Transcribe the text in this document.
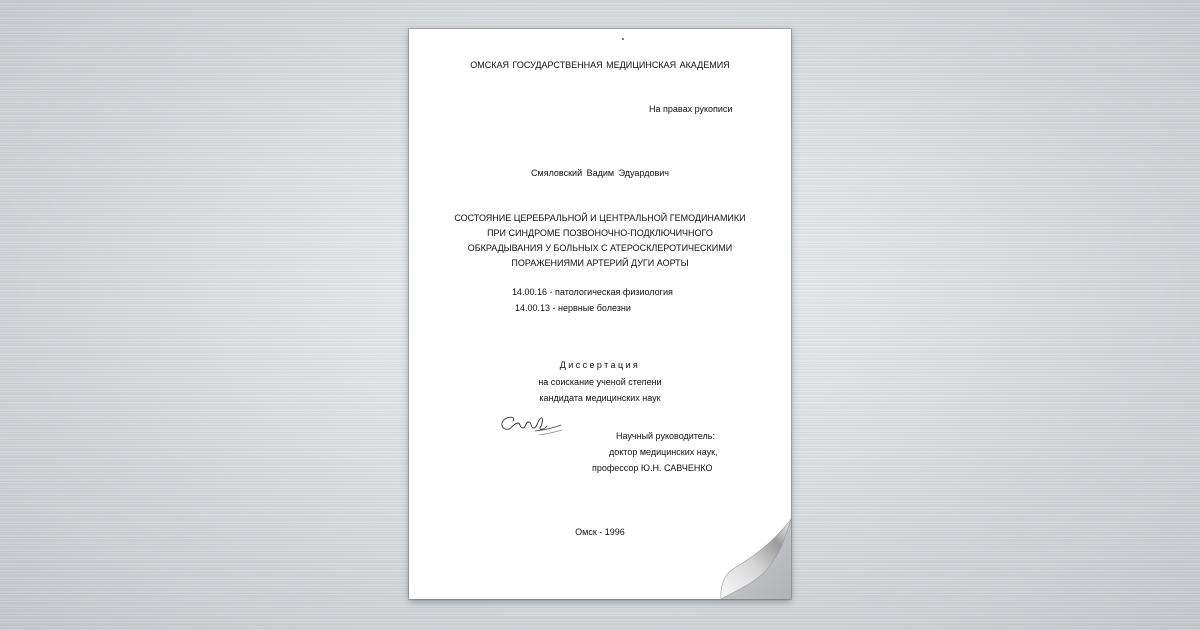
ОМСКАЯ ГОСУДАРСТВЕННАЯ МЕДИЦИНСКАЯ АКАДЕМИЯ
На правах рукописи
Смяловский Вадим Эдуардович
СОСТОЯНИЕ ЦЕРЕБРАЛЬНОЙ И ЦЕНТРАЛЬНОЙ ГЕМОДИНАМИКИ
ПРИ СИНДРОМЕ ПОЗВОНОЧНО-ПОДКЛЮЧИЧНОГО
ОБКРАДЫВАНИЯ У БОЛЬНЫХ С АТЕРОСКЛЕРОТИЧЕСКИМИ
ПОРАЖЕНИЯМИ АРТЕРИЙ ДУГИ АОРТЫ
14.00.16 - патологическая физиология
14.00.13 - нервные болезни
Диссертация
на соискание ученой степени
кандидата медицинских наук
Научный руководитель:
доктор медицинских наук,
профессор Ю.Н. САВЧЕНКО
Омск - 1996
